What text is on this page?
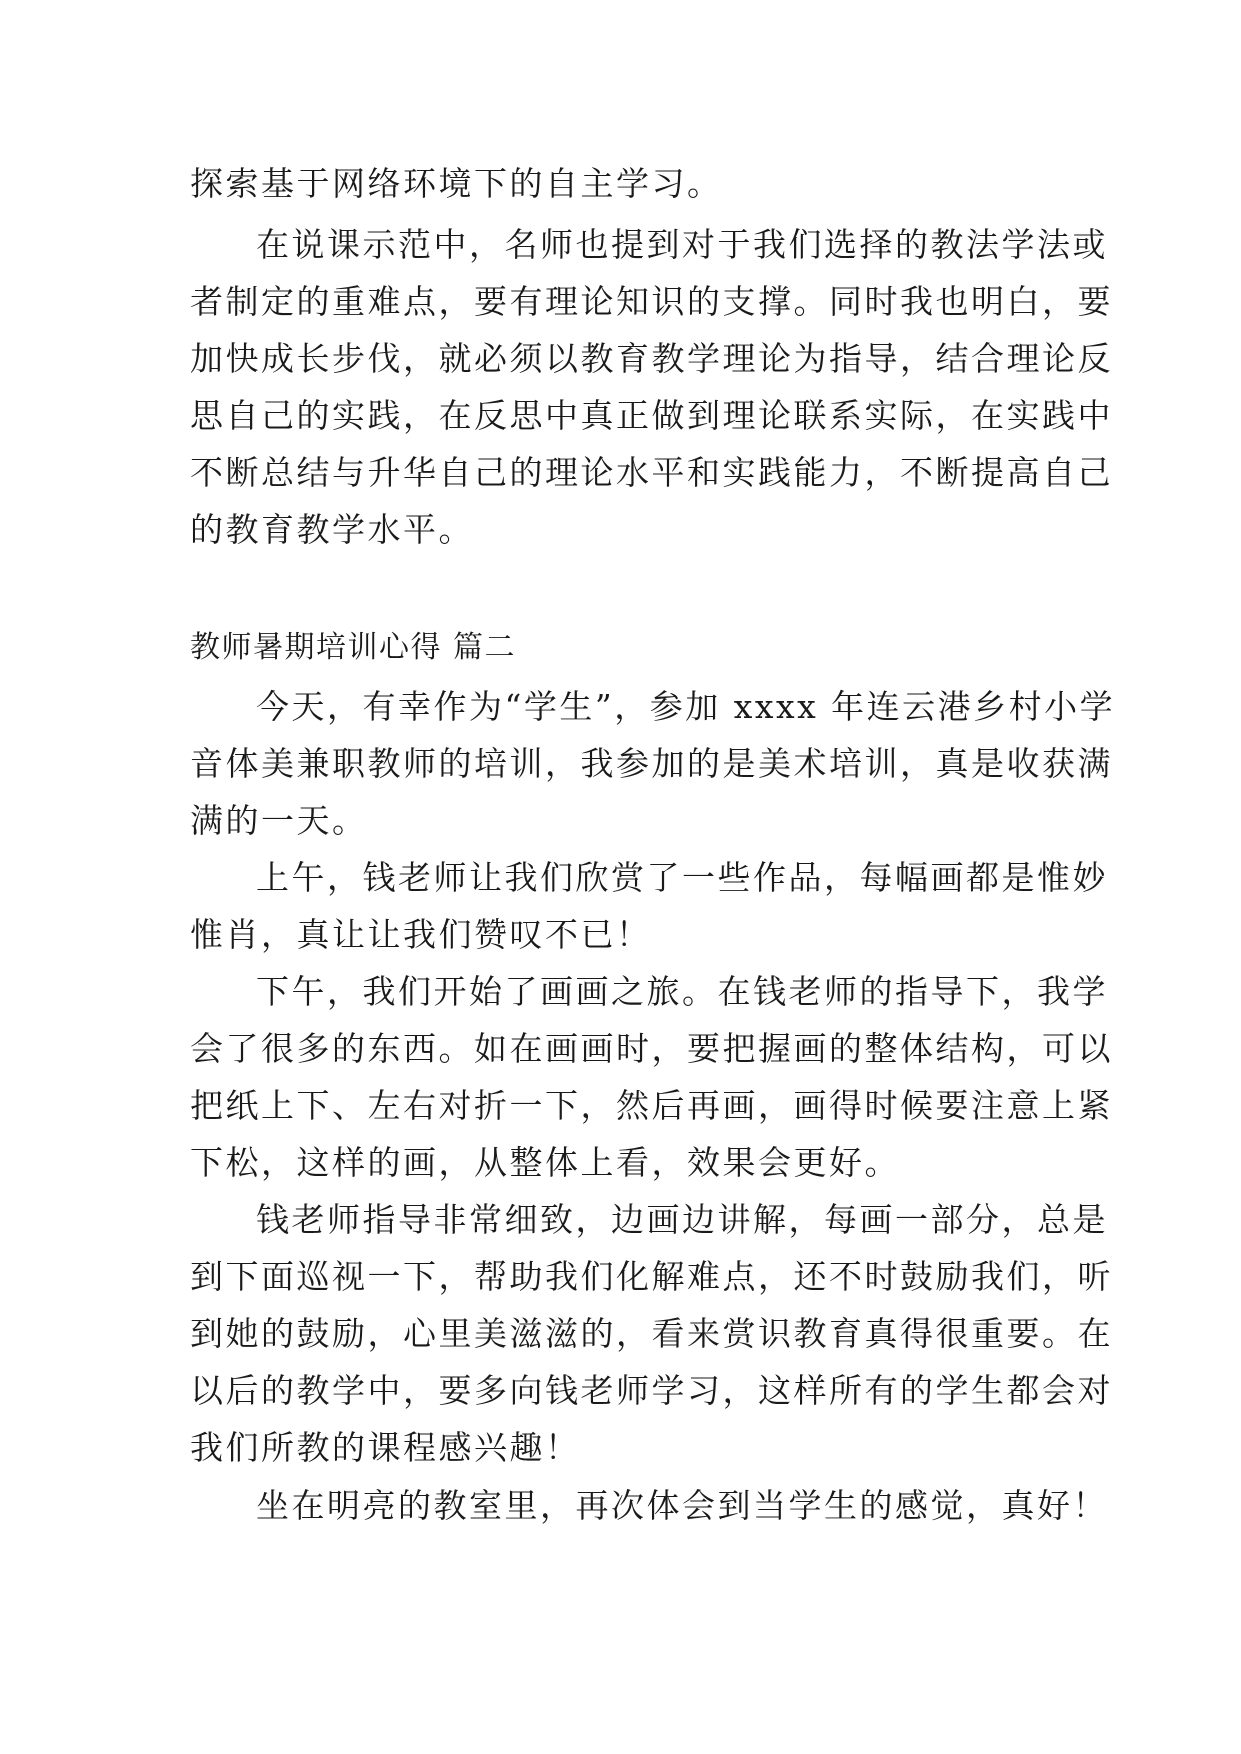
探索基于网络环境下的自主学习。
在说课示范中，名师也提到对于我们选择的教法学法或
者制定的重难点，要有理论知识的支撑。同时我也明白，要
加快成长步伐，就必须以教育教学理论为指导，结合理论反
思自己的实践，在反思中真正做到理论联系实际，在实践中
不断总结与升华自己的理论水平和实践能力，不断提高自己
的教育教学水平。
教师暑期培训心得 篇二
今天，有幸作为“学生”，参加 xxxx 年连云港乡村小学
音体美兼职教师的培训，我参加的是美术培训，真是收获满
满的一天。
上午，钱老师让我们欣赏了一些作品，每幅画都是惟妙
惟肖，真让让我们赞叹不已！
下午，我们开始了画画之旅。在钱老师的指导下，我学
会了很多的东西。如在画画时，要把握画的整体结构，可以
把纸上下、左右对折一下，然后再画，画得时候要注意上紧
下松，这样的画，从整体上看，效果会更好。
钱老师指导非常细致，边画边讲解，每画一部分，总是
到下面巡视一下，帮助我们化解难点，还不时鼓励我们，听
到她的鼓励，心里美滋滋的，看来赏识教育真得很重要。在
以后的教学中，要多向钱老师学习，这样所有的学生都会对
我们所教的课程感兴趣！
坐在明亮的教室里，再次体会到当学生的感觉，真好！
